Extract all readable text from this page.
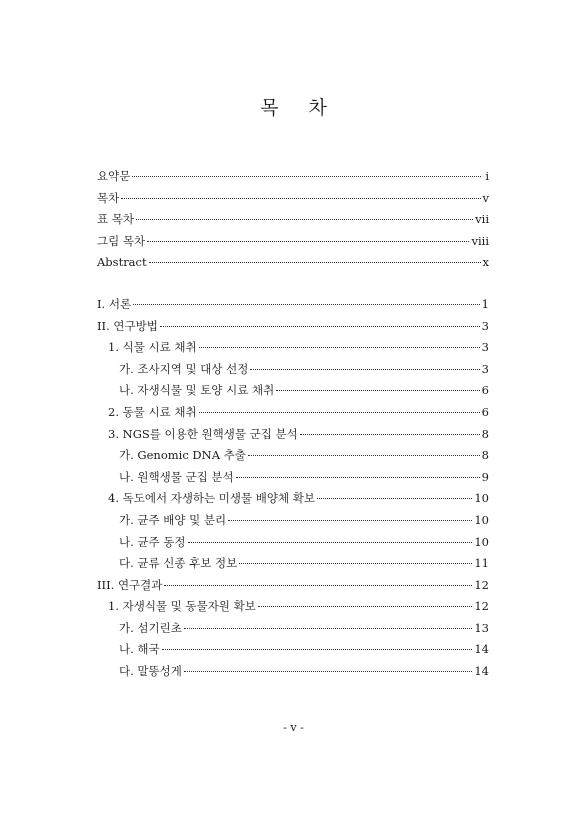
목 차
요약문	i
목차	v
표 목차	vii
그림 목차	viii
Abstract	x
I. 서론	1
II. 연구방법	3
1. 식물 시료 채취	3
가. 조사지역 및 대상 선정	3
나. 자생식물 및 토양 시료 채취	6
2. 동물 시료 채취	6
3. NGS를 이용한 원핵생물 군집 분석	8
가. Genomic DNA 추출	8
나. 원핵생물 군집 분석	9
4. 독도에서 자생하는 미생물 배양체 확보	10
가. 균주 배양 및 분리	10
나. 균주 동정	10
다. 균류 신종 후보 정보	11
III. 연구결과	12
1. 자생식물 및 동물자원 확보	12
가. 섬기린초	13
나. 해국	14
다. 말똥성게	14
- v -
